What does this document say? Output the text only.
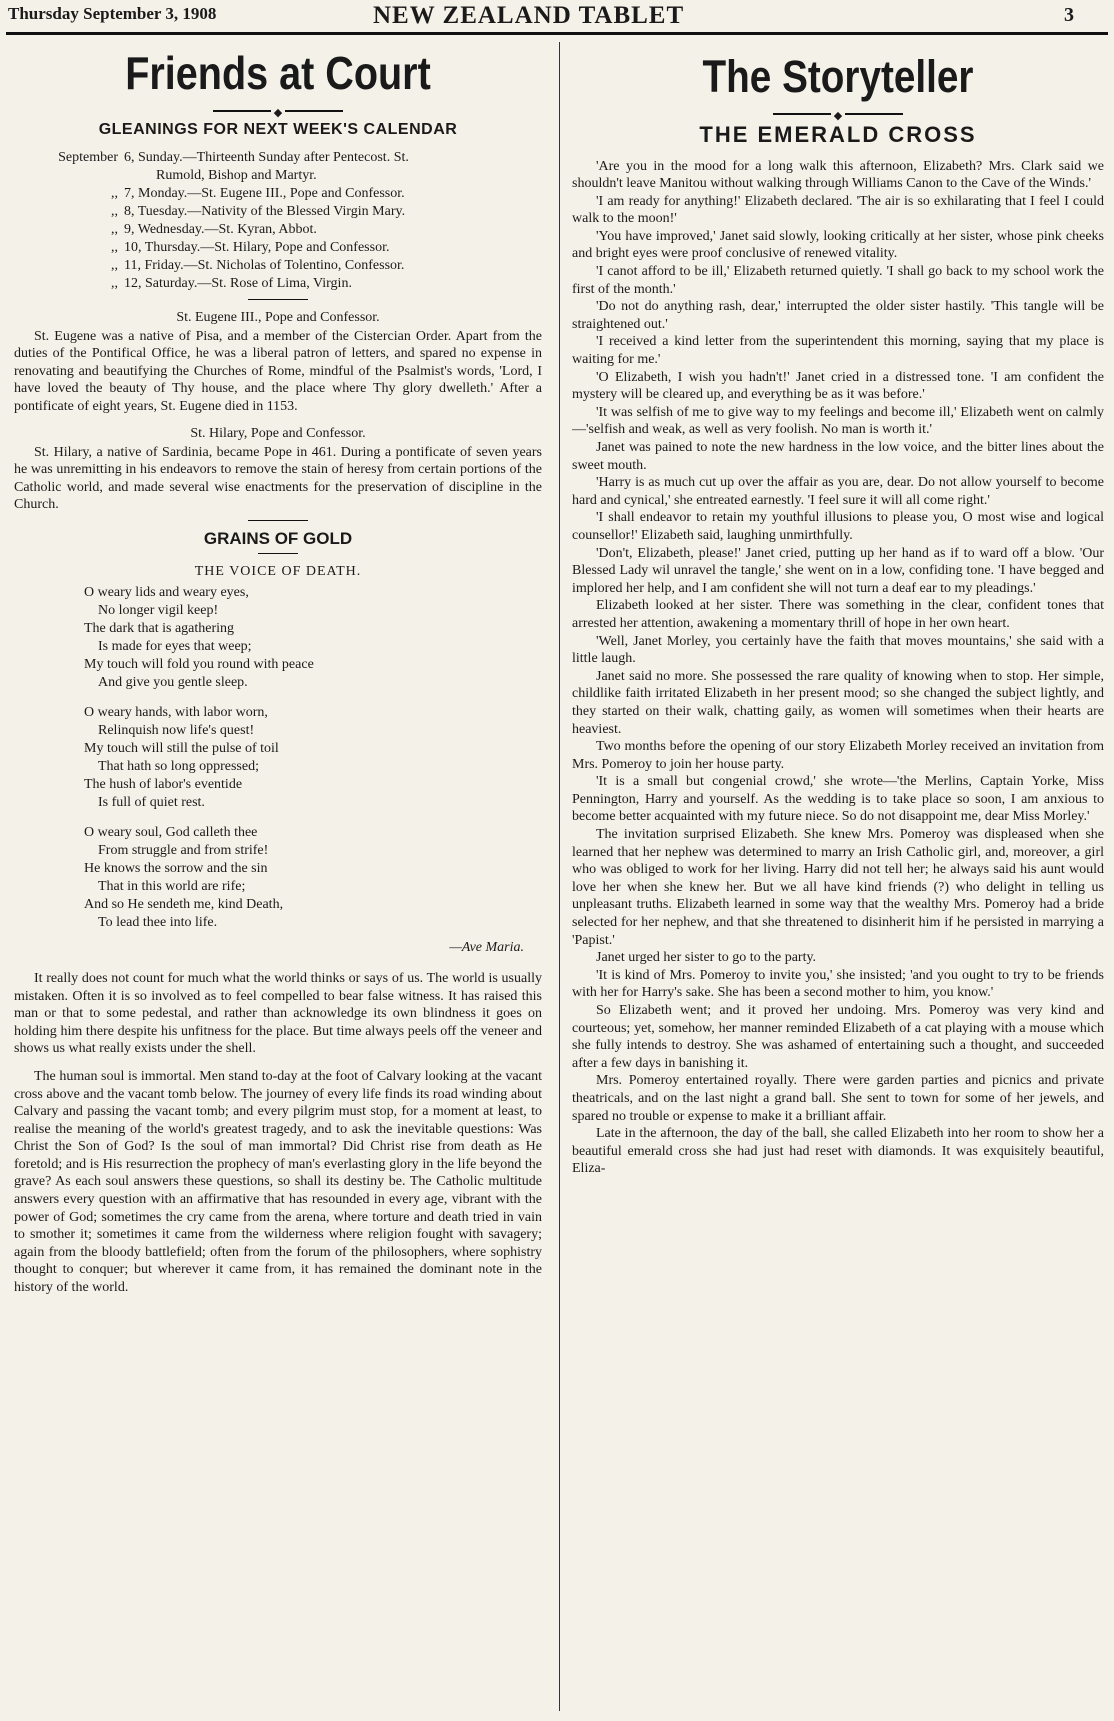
Thursday September 3, 1908	NEW ZEALAND TABLET	3
Friends at Court
◆
GLEANINGS FOR NEXT WEEK'S CALENDAR
September 6, Sunday.—Thirteenth Sunday after Pentecost. St.
Rumold, Bishop and Martyr.
,, 7, Monday.—St. Eugene III., Pope and Confessor.
,, 8, Tuesday.—Nativity of the Blessed Virgin Mary.
,, 9, Wednesday.—St. Kyran, Abbot.
,, 10, Thursday.—St. Hilary, Pope and Confessor.
,, 11, Friday.—St. Nicholas of Tolentino, Confessor.
,, 12, Saturday.—St. Rose of Lima, Virgin.
St. Eugene III., Pope and Confessor.

St. Eugene was a native of Pisa, and a member of the Cistercian Order. Apart from the duties of the Pontifical Office, he was a liberal patron of letters, and spared no expense in renovating and beautifying the Churches of Rome, mindful of the Psalmist's words, 'Lord, I have loved the beauty of Thy house, and the place where Thy glory dwelleth.' After a pontificate of eight years, St. Eugene died in 1153.

St. Hilary, Pope and Confessor.

St. Hilary, a native of Sardinia, became Pope in 461. During a pontificate of seven years he was unremitting in his endeavors to remove the stain of heresy from certain portions of the Catholic world, and made several wise enactments for the preservation of discipline in the Church.

GRAINS OF GOLD
THE VOICE OF DEATH.
O weary lids and weary eyes,
No longer vigil keep!
The dark that is agathering
Is made for eyes that weep;
My touch will fold you round with peace
And give you gentle sleep.
O weary hands, with labor worn,
Relinquish now life's quest!
My touch will still the pulse of toil
That hath so long oppressed;
The hush of labor's eventide
Is full of quiet rest.
O weary soul, God calleth thee
From struggle and from strife!
He knows the sorrow and the sin
That in this world are rife;
And so He sendeth me, kind Death,
To lead thee into life.
—Ave Maria.

It really does not count for much what the world thinks or says of us. The world is usually mistaken. Often it is so involved as to feel compelled to bear false witness. It has raised this man or that to some pedestal, and rather than acknowledge its own blindness it goes on holding him there despite his unfitness for the place. But time always peels off the veneer and shows us what really exists under the shell.

The human soul is immortal. Men stand to-day at the foot of Calvary looking at the vacant cross above and the vacant tomb below. The journey of every life finds its road winding about Calvary and passing the vacant tomb; and every pilgrim must stop, for a moment at least, to realise the meaning of the world's greatest tragedy, and to ask the inevitable questions: Was Christ the Son of God? Is the soul of man immortal? Did Christ rise from death as He foretold; and is His resurrection the prophecy of man's everlasting glory in the life beyond the grave? As each soul answers these questions, so shall its destiny be. The Catholic multitude answers every question with an affirmative that has resounded in every age, vibrant with the power of God; sometimes the cry came from the arena, where torture and death tried in vain to smother it; sometimes it came from the wilderness where religion fought with savagery; again from the bloody battlefield; often from the forum of the philosophers, where sophistry thought to conquer; but wherever it came from, it has remained the dominant note in the history of the world.

The Storyteller
◆
THE EMERALD CROSS

'Are you in the mood for a long walk this afternoon, Elizabeth? Mrs. Clark said we shouldn't leave Manitou without walking through Williams Canon to the Cave of the Winds.'

'I am ready for anything!' Elizabeth declared. 'The air is so exhilarating that I feel I could walk to the moon!'

'You have improved,' Janet said slowly, looking critically at her sister, whose pink cheeks and bright eyes were proof conclusive of renewed vitality.

'I canot afford to be ill,' Elizabeth returned quietly. 'I shall go back to my school work the first of the month.'

'Do not do anything rash, dear,' interrupted the older sister hastily. 'This tangle will be straightened out.'

'I received a kind letter from the superintendent this morning, saying that my place is waiting for me.'

'O Elizabeth, I wish you hadn't!' Janet cried in a distressed tone. 'I am confident the mystery will be cleared up, and everything be as it was before.'

'It was selfish of me to give way to my feelings and become ill,' Elizabeth went on calmly—'selfish and weak, as well as very foolish. No man is worth it.'

Janet was pained to note the new hardness in the low voice, and the bitter lines about the sweet mouth.

'Harry is as much cut up over the affair as you are, dear. Do not allow yourself to become hard and cynical,' she entreated earnestly. 'I feel sure it will all come right.'

'I shall endeavor to retain my youthful illusions to please you, O most wise and logical counsellor!' Elizabeth said, laughing unmirthfully.

'Don't, Elizabeth, please!' Janet cried, putting up her hand as if to ward off a blow. 'Our Blessed Lady wil unravel the tangle,' she went on in a low, confiding tone. 'I have begged and implored her help, and I am confident she will not turn a deaf ear to my pleadings.'

Elizabeth looked at her sister. There was something in the clear, confident tones that arrested her attention, awakening a momentary thrill of hope in her own heart.

'Well, Janet Morley, you certainly have the faith that moves mountains,' she said with a little laugh.

Janet said no more. She possessed the rare quality of knowing when to stop. Her simple, childlike faith irritated Elizabeth in her present mood; so she changed the subject lightly, and they started on their walk, chatting gaily, as women will sometimes when their hearts are heaviest.

Two months before the opening of our story Elizabeth Morley received an invitation from Mrs. Pomeroy to join her house party.

'It is a small but congenial crowd,' she wrote—'the Merlins, Captain Yorke, Miss Pennington, Harry and yourself. As the wedding is to take place so soon, I am anxious to become better acquainted with my future niece. So do not disappoint me, dear Miss Morley.'

The invitation surprised Elizabeth. She knew Mrs. Pomeroy was displeased when she learned that her nephew was determined to marry an Irish Catholic girl, and, moreover, a girl who was obliged to work for her living. Harry did not tell her; he always said his aunt would love her when she knew her. But we all have kind friends (?) who delight in telling us unpleasant truths. Elizabeth learned in some way that the wealthy Mrs. Pomeroy had a bride selected for her nephew, and that she threatened to disinherit him if he persisted in marrying a 'Papist.'

Janet urged her sister to go to the party.

'It is kind of Mrs. Pomeroy to invite you,' she insisted; 'and you ought to try to be friends with her for Harry's sake. She has been a second mother to him, you know.'

So Elizabeth went; and it proved her undoing. Mrs. Pomeroy was very kind and courteous; yet, somehow, her manner reminded Elizabeth of a cat playing with a mouse which she fully intends to destroy. She was ashamed of entertaining such a thought, and succeeded after a few days in banishing it.

Mrs. Pomeroy entertained royally. There were garden parties and picnics and private theatricals, and on the last night a grand ball. She sent to town for some of her jewels, and spared no trouble or expense to make it a brilliant affair.

Late in the afternoon, the day of the ball, she called Elizabeth into her room to show her a beautiful emerald cross she had just had reset with diamonds. It was exquisitely beautiful, Eliza-
